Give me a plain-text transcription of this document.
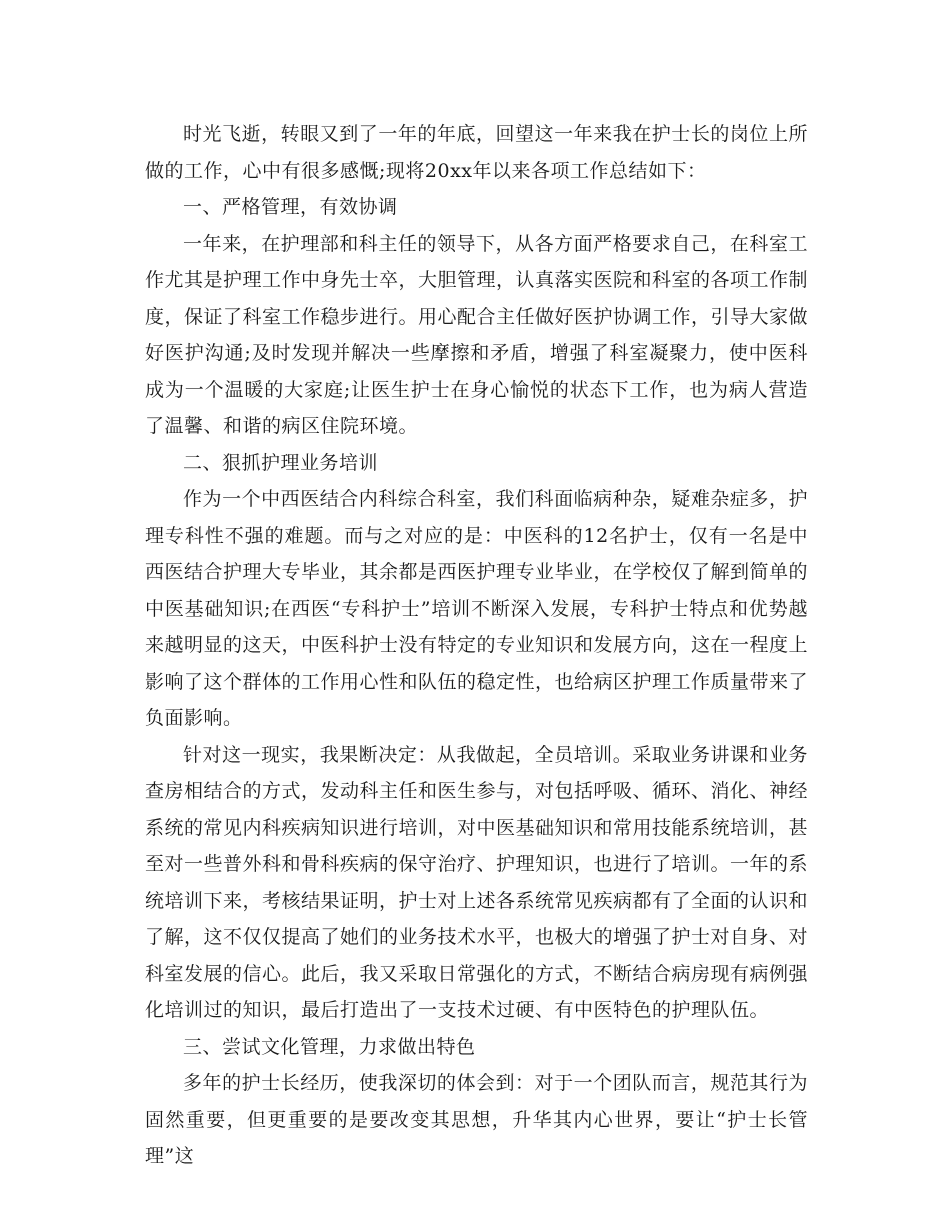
时光飞逝，转眼又到了一年的年底，回望这一年来我在护士长的岗位上所做的工作，心中有很多感慨;现将20xx年以来各项工作总结如下：

一、严格管理，有效协调

一年来，在护理部和科主任的领导下，从各方面严格要求自己，在科室工作尤其是护理工作中身先士卒，大胆管理，认真落实医院和科室的各项工作制度，保证了科室工作稳步进行。用心配合主任做好医护协调工作，引导大家做好医护沟通;及时发现并解决一些摩擦和矛盾，增强了科室凝聚力，使中医科成为一个温暖的大家庭;让医生护士在身心愉悦的状态下工作，也为病人营造了温馨、和谐的病区住院环境。

二、狠抓护理业务培训

作为一个中西医结合内科综合科室，我们科面临病种杂，疑难杂症多，护理专科性不强的难题。而与之对应的是：中医科的12名护士，仅有一名是中西医结合护理大专毕业，其余都是西医护理专业毕业，在学校仅了解到简单的中医基础知识;在西医“专科护士”培训不断深入发展，专科护士特点和优势越来越明显的这天，中医科护士没有特定的专业知识和发展方向，这在一程度上影响了这个群体的工作用心性和队伍的稳定性，也给病区护理工作质量带来了负面影响。

针对这一现实，我果断决定：从我做起，全员培训。采取业务讲课和业务查房相结合的方式，发动科主任和医生参与，对包括呼吸、循环、消化、神经系统的常见内科疾病知识进行培训，对中医基础知识和常用技能系统培训，甚至对一些普外科和骨科疾病的保守治疗、护理知识，也进行了培训。一年的系统培训下来，考核结果证明，护士对上述各系统常见疾病都有了全面的认识和了解，这不仅仅提高了她们的业务技术水平，也极大的增强了护士对自身、对科室发展的信心。此后，我又采取日常强化的方式，不断结合病房现有病例强化培训过的知识，最后打造出了一支技术过硬、有中医特色的护理队伍。

三、尝试文化管理，力求做出特色

多年的护士长经历，使我深切的体会到：对于一个团队而言，规范其行为固然重要，但更重要的是要改变其思想，升华其内心世界，要让“护士长管理”这
